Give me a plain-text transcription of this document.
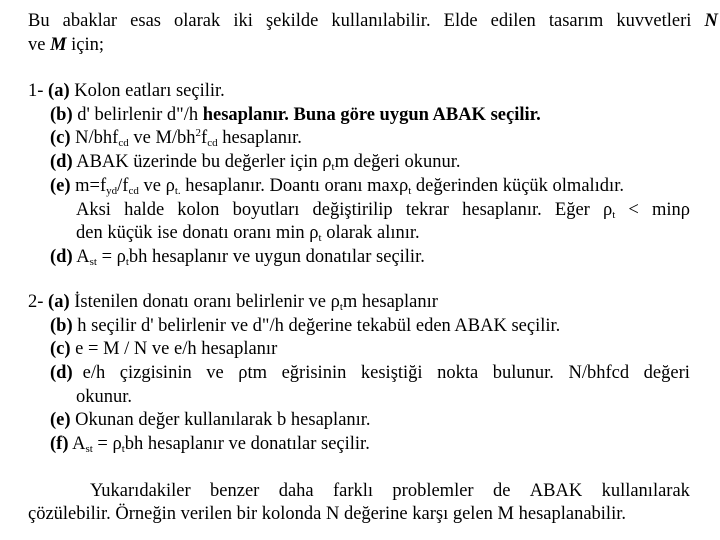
Bu abaklar esas olarak iki şekilde kullanılabilir. Elde edilen tasarım kuvvetleri N
ve M için;
1- (a) Kolon eatları seçilir.
(b) d' belirlenir d"/h hesaplanır. Buna göre uygun ABAK seçilir.
(c) N/bhf$_{cd}$ ve $M/bh^2f_{cd}$ hesaplanır.
(d) ABAK üzerinde bu değerler için $\rho_tm$ değeri okunur.
(e) $m=f_{yd}/f_{cd}$ ve $\rho_{t.}$ hesaplanır. Doantı oranı maxρ$_t$ değerinden küçük olmalıdır.
Aksi halde kolon boyutları değiştirilip tekrar hesaplanır. Eğer $\rho_t < \min\rho$
den küçük ise donatı oranı $\min \rho_t$ olarak alınır.
(d) $A_{st} = \rho_tbh$ hesaplanır ve uygun donatılar seçilir.
2- (a) İstenilen donatı oranı belirlenir ve $\rho_tm$ hesaplanır
(b) h seçilir d' belirlenir ve d"/h değerine tekabül eden ABAK seçilir.
(c) e = M / N ve e/h hesaplanır
(d) e/h çizgisinin ve ρtm eğrisinin kesiştiği nokta bulunur. N/bhfcd değeri
okunur.
(e) Okunan değer kullanılarak b hesaplanır.
(f) $A_{st} = \rho_tbh$ hesaplanır ve donatılar seçilir.
Yukarıdakiler benzer daha farklı problemler de ABAK kullanılarak
çözülebilir. Örneğin verilen bir kolonda N değerine karşı gelen M hesaplanabilir.
